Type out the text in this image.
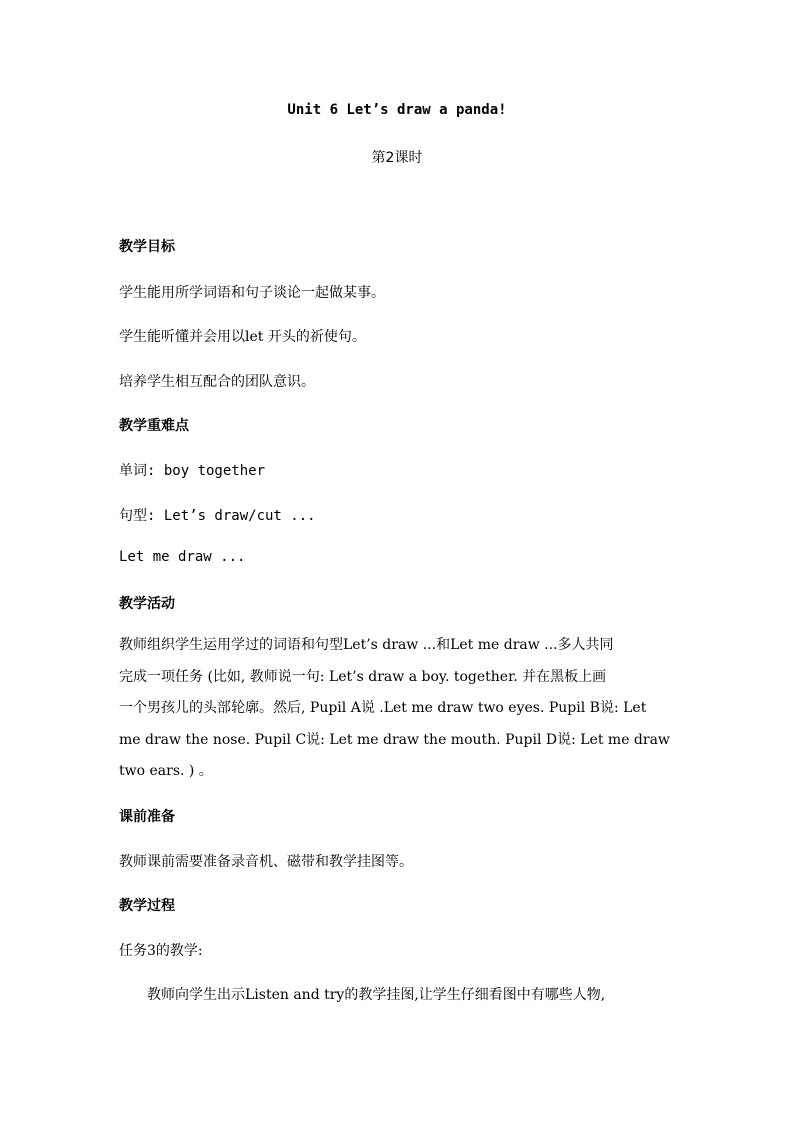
Unit 6 Let’s draw a panda!
第2课时
教学目标
学生能用所学词语和句子谈论一起做某事。
学生能听懂并会用以let 开头的祈使句。
培养学生相互配合的团队意识。
教学重难点
单词: boy together
句型: Let’s draw/cut ...
Let me draw ...
教学活动
教师组织学生运用学过的词语和句型Let’s draw ...和Let me draw ...多人共同
完成一项任务 (比如, 教师说一句: Let’s draw a boy. together. 并在黑板上画
一个男孩儿的头部轮廓。然后, Pupil A说 .Let me draw two eyes. Pupil B说: Let
me draw the nose. Pupil C说: Let me draw the mouth. Pupil D说: Let me draw
two ears. ) 。
课前准备
教师课前需要准备录音机、磁带和教学挂图等。
教学过程
任务3的教学:
教师向学生出示Listen and try的教学挂图,让学生仔细看图中有哪些人物,
